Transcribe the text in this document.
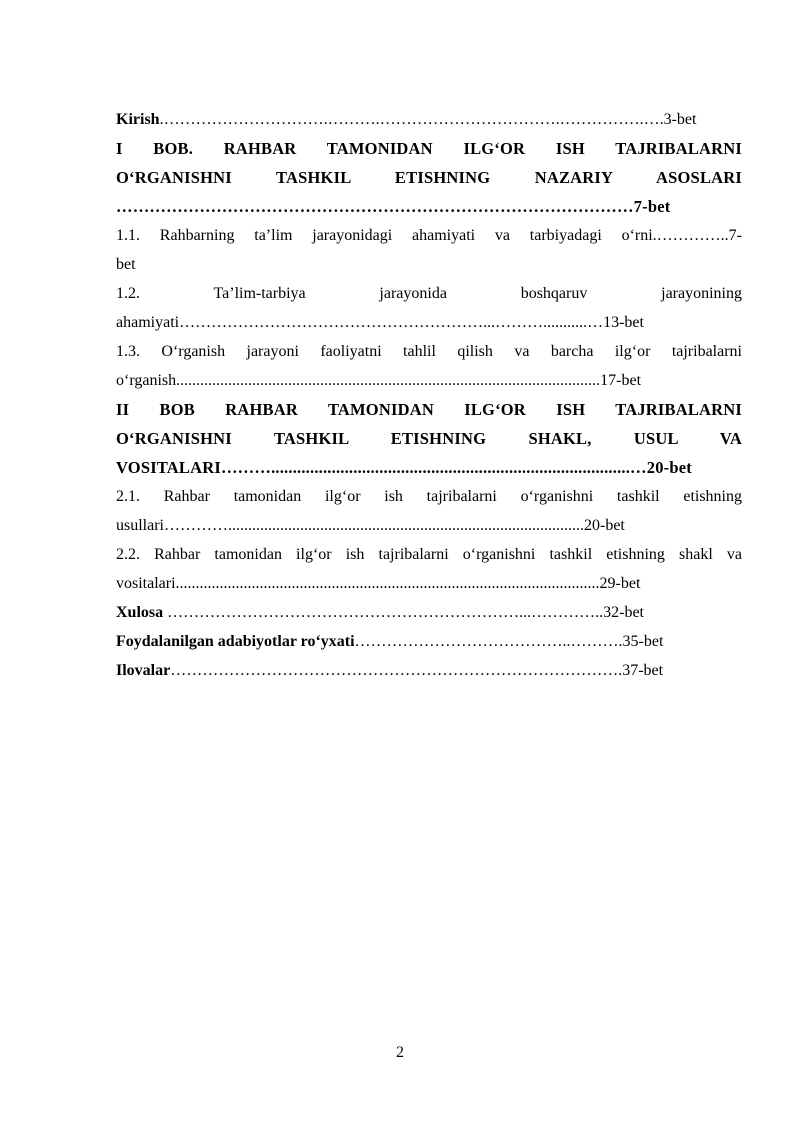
Kirish.………………………….……….…………………………….…………….….3-bet
I BOB. RAHBAR TAMONIDAN ILG‘OR ISH TAJRIBALARNI
O‘RGANISHNI TASHKIL ETISHNING NAZARIY ASOSLARI
…………………………………………………………………………………7-bet
1.1. Rahbarning ta’lim jarayonidagi ahamiyati va tarbiyadagi o‘rni.…………..7-
bet
1.2. Ta’lim-tarbiya jarayonida boshqaruv jarayonining
ahamiyati…………………………………………………...………...........…13-bet
1.3. O‘rganish jarayoni faoliyatni tahlil qilish va barcha ilg‘or tajribalarni
o‘rganish..........................................................................................................17-bet
II BOB RAHBAR TAMONIDAN ILG‘OR ISH TAJRIBALARNI
O‘RGANISHNI TASHKIL ETISHNING SHAKL, USUL VA
VOSITALARI………...................................................................................…20-bet
2.1. Rahbar tamonidan ilg‘or ish tajribalarni o‘rganishni tashkil etishning
usullari………….........................................................................................20-bet
2.2. Rahbar tamonidan ilg‘or ish tajribalarni o‘rganishni tashkil etishning shakl va
vositalari..........................................................................................................29-bet
Xulosa …………………………………………………………...…………..32-bet
Foydalanilgan adabiyotlar ro‘yxati…………………………………..……….35-bet
Ilovalar………………………………………………………………………….37-bet
2
